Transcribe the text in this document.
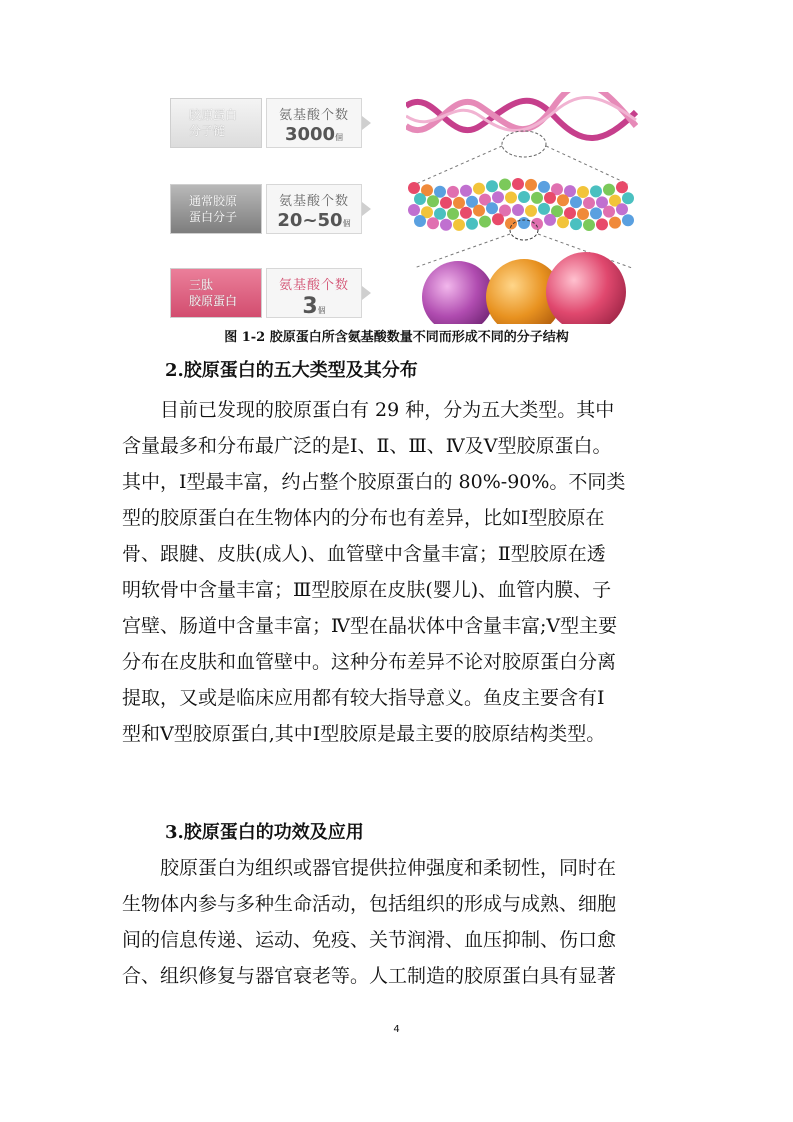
胶原蛋白
分子链
氨基酸个数
3000個
通常胶原
蛋白分子
氨基酸个数
20~50個
三肽
胶原蛋白
氨基酸个数
3個
图 1-2 胶原蛋白所含氨基酸数量不同而形成不同的分子结构
2.胶原蛋白的五大类型及其分布

　　目前已发现的胶原蛋白有 29 种，分为五大类型。其中
含量最多和分布最广泛的是Ⅰ、Ⅱ、Ⅲ、Ⅳ及Ⅴ型胶原蛋白。
其中，Ⅰ型最丰富，约占整个胶原蛋白的 80%-90%。不同类
型的胶原蛋白在生物体内的分布也有差异，比如Ⅰ型胶原在
骨、跟腱、皮肤(成人)、血管壁中含量丰富；Ⅱ型胶原在透
明软骨中含量丰富；Ⅲ型胶原在皮肤(婴儿)、血管内膜、子
宫壁、肠道中含量丰富；Ⅳ型在晶状体中含量丰富;Ⅴ型主要
分布在皮肤和血管壁中。这种分布差异不论对胶原蛋白分离
提取，又或是临床应用都有较大指导意义。鱼皮主要含有Ⅰ
型和Ⅴ型胶原蛋白,其中Ⅰ型胶原是最主要的胶原结构类型。

3.胶原蛋白的功效及应用

　　胶原蛋白为组织或器官提供拉伸强度和柔韧性，同时在
生物体内参与多种生命活动，包括组织的形成与成熟、细胞
间的信息传递、运动、免疫、关节润滑、血压抑制、伤口愈
合、组织修复与器官衰老等。人工制造的胶原蛋白具有显著

4
